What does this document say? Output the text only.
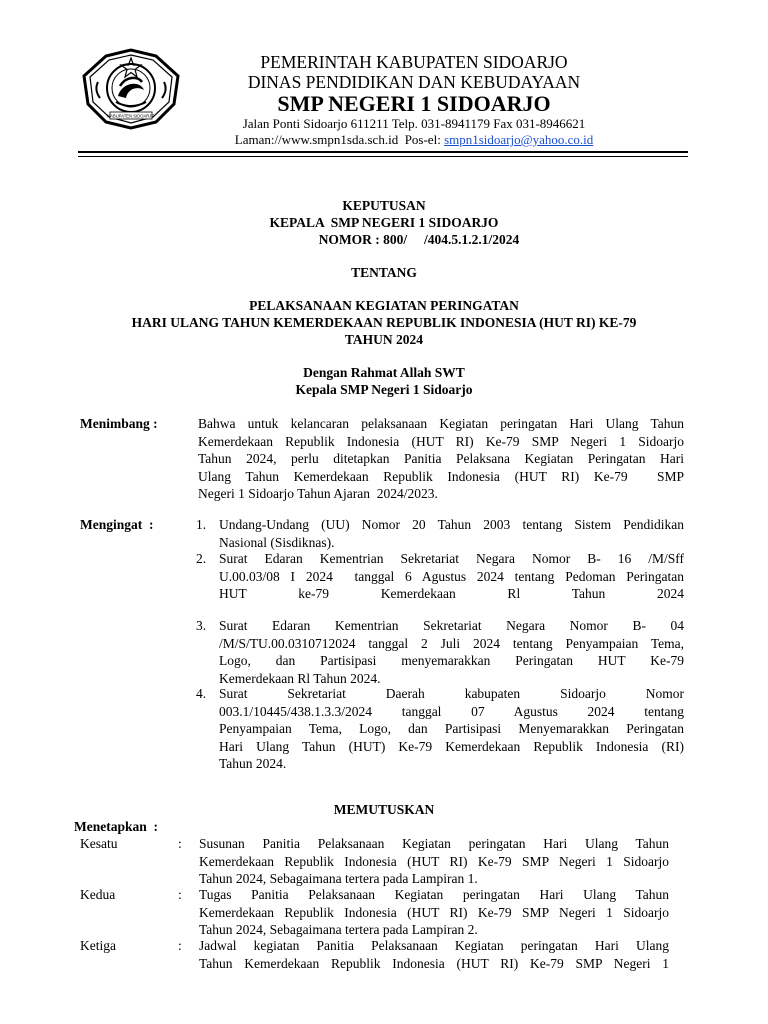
KABUPATEN SIDOARJO
PEMERINTAH KABUPATEN SIDOARJO
DINAS PENDIDIKAN DAN KEBUDAYAAN
SMP NEGERI 1 SIDOARJO
Jalan Ponti Sidoarjo 611211 Telp. 031-8941179 Fax 031-8946621
Laman://www.smpn1sda.sch.id  Pos-el: smpn1sidoarjo@yahoo.co.id
KEPUTUSAN
KEPALA  SMP NEGERI 1 SIDOARJO
NOMOR : 800/     /404.5.1.2.1/2024
TENTANG
PELAKSANAAN KEGIATAN PERINGATAN
HARI ULANG TAHUN KEMERDEKAAN REPUBLIK INDONESIA (HUT RI) KE-79
TAHUN 2024
Dengan Rahmat Allah SWT
Kepala SMP Negeri 1 Sidoarjo
Menimbang :	Bahwa untuk kelancaran pelaksanaan Kegiatan peringatan Hari Ulang Tahun
Kemerdekaan Republik Indonesia (HUT RI) Ke-79 SMP Negeri 1 Sidoarjo
Tahun 2024, perlu ditetapkan Panitia Pelaksana Kegiatan Peringatan Hari
Ulang Tahun Kemerdekaan Republik Indonesia (HUT RI) Ke-79  SMP
Negeri 1 Sidoarjo Tahun Ajaran  2024/2023.
Mengingat  :	1. Undang-Undang (UU) Nomor 20 Tahun 2003 tentang Sistem Pendidikan
Nasional (Sisdiknas).
2. Surat Edaran Kementrian Sekretariat Negara Nomor B- 16 /M/Sff
U.00.03/08 I 2024  tanggal 6 Agustus 2024 tentang Pedoman Peringatan
HUT ke-79 Kemerdekaan Rl Tahun 2024
3. Surat Edaran Kementrian Sekretariat Negara Nomor B- 04
/M/S/TU.00.0310712024 tanggal 2 Juli 2024 tentang Penyampaian Tema,
Logo, dan Partisipasi menyemarakkan Peringatan HUT Ke-79
Kemerdekaan Rl Tahun 2024.
4. Surat Sekretariat Daerah kabupaten Sidoarjo Nomor
003.1/10445/438.1.3.3/2024 tanggal 07 Agustus 2024 tentang
Penyampaian Tema, Logo, dan Partisipasi Menyemarakkan Peringatan
Hari Ulang Tahun (HUT) Ke-79 Kemerdekaan Republik Indonesia (RI)
Tahun 2024.
MEMUTUSKAN
Menetapkan  :
Kesatu	: Susunan Panitia Pelaksanaan Kegiatan peringatan Hari Ulang Tahun
Kemerdekaan Republik Indonesia (HUT RI) Ke-79 SMP Negeri 1 Sidoarjo
Tahun 2024, Sebagaimana tertera pada Lampiran 1.
Kedua	: Tugas Panitia Pelaksanaan Kegiatan peringatan Hari Ulang Tahun
Kemerdekaan Republik Indonesia (HUT RI) Ke-79 SMP Negeri 1 Sidoarjo
Tahun 2024, Sebagaimana tertera pada Lampiran 2.
Ketiga	: Jadwal kegiatan Panitia Pelaksanaan Kegiatan peringatan Hari Ulang
Tahun Kemerdekaan Republik Indonesia (HUT RI) Ke-79 SMP Negeri 1
